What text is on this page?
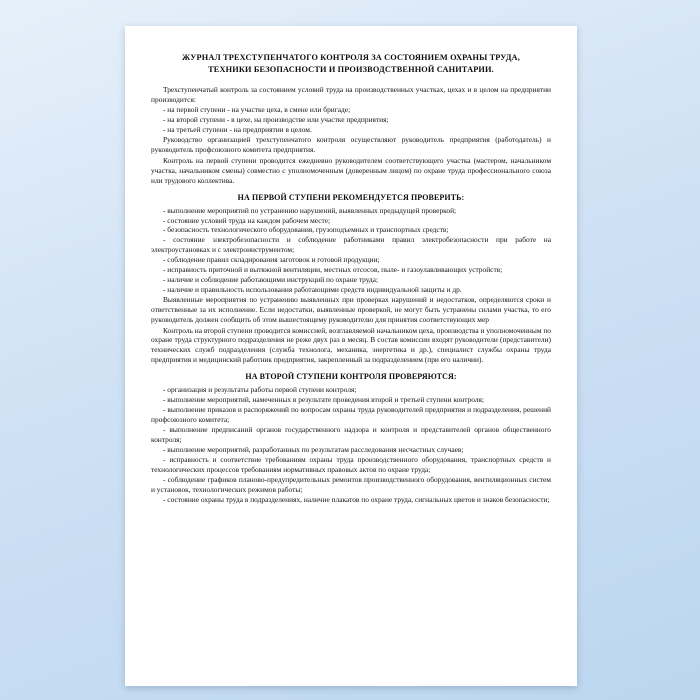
ЖУРНАЛ ТРЕХСТУПЕНЧАТОГО КОНТРОЛЯ ЗА СОСТОЯНИЕМ ОХРАНЫ ТРУДА,
ТЕХНИКИ БЕЗОПАСНОСТИ И ПРОИЗВОДСТВЕННОЙ САНИТАРИИ.

Трехступенчатый контроль за состоянием условий труда на производственных участках, цехах и в целом на предприятии производится:

- на первой ступени - на участке цеха, в смене или бригаде;

- на второй ступени - в цехе, на производстве или участке предприятия;

- на третьей ступени - на предприятии в целом.

Руководство организацией трехступенчатого контроля осуществляют руководитель предприятия (работодатель) и руководитель профсоюзного комитета предприятия.

Контроль на первой ступени проводится ежедневно руководителем соответствующего участка (мастером, начальником участка, начальником смены) совместно с уполномоченным (доверенным лицом) по охране труда профессионального союза или трудового коллектива.

НА ПЕРВОЙ СТУПЕНИ РЕКОМЕНДУЕТСЯ ПРОВЕРИТЬ:

- выполнение мероприятий по устранению нарушений, выявленных предыдущей проверкой;

- состояние условий труда на каждом рабочем месте;

- безопасность технологического оборудования, грузоподъемных и транспортных средств;

- состояние электробезопасности и соблюдение работниками правил электробезопасности при работе на электроустановках и с электроинструментом;

- соблюдение правил складирования заготовок и готовой продукции;

- исправность приточной и вытяжной вентиляции, местных отсосов, пыле- и газоулавливающих устройств;

- наличие и соблюдение работающими инструкций по охране труда;

- наличие и правильность использования работающими средств индивидуальной защиты и др.

Выявленные мероприятия по устранению выявленных при проверках нарушений и недостатков, определяются сроки и ответственные за их исполнение. Если недостатки, выявленные проверкой, не могут быть устранены силами участка, то его руководитель должен сообщить об этом вышестоящему руководителю для принятия соответствующих мер

Контроль на второй ступени проводится комиссией, возглавляемой начальником цеха, производства и уполномоченным по охране труда структурного подразделения не реже двух раз в месяц. В состав комиссии входят руководители (представители) технических служб подразделения (служба технолога, механика, энергетика и др.), специалист службы охраны труда предприятия и медицинский работник предприятия, закрепленный за подразделением (при его наличии).

НА ВТОРОЙ СТУПЕНИ КОНТРОЛЯ ПРОВЕРЯЮТСЯ:

- организация и результаты работы первой ступени контроля;

- выполнение мероприятий, намеченных в результате проведения второй и третьей ступени контроля;

- выполнение приказов и распоряжений по вопросам охраны труда руководителей предприятия и подразделения, решений профсоюзного комитета;

- выполнение предписаний органов государственного надзора и контроля и представителей органов общественного контроля;

- выполнение мероприятий, разработанных по результатам расследования несчастных случаев;

- исправность и соответствие требованиям охраны труда производственного оборудования, транспортных средств и технологических процессов требованиям нормативных правовых актов по охране труда;

- соблюдение графиков планово-предупредительных ремонтов производственного оборудования, вентиляционных систем и установок, технологических режимов работы;

- состояние охраны труда в подразделениях, наличие плакатов по охране труда, сигнальных цветов и знаков безопасности;
